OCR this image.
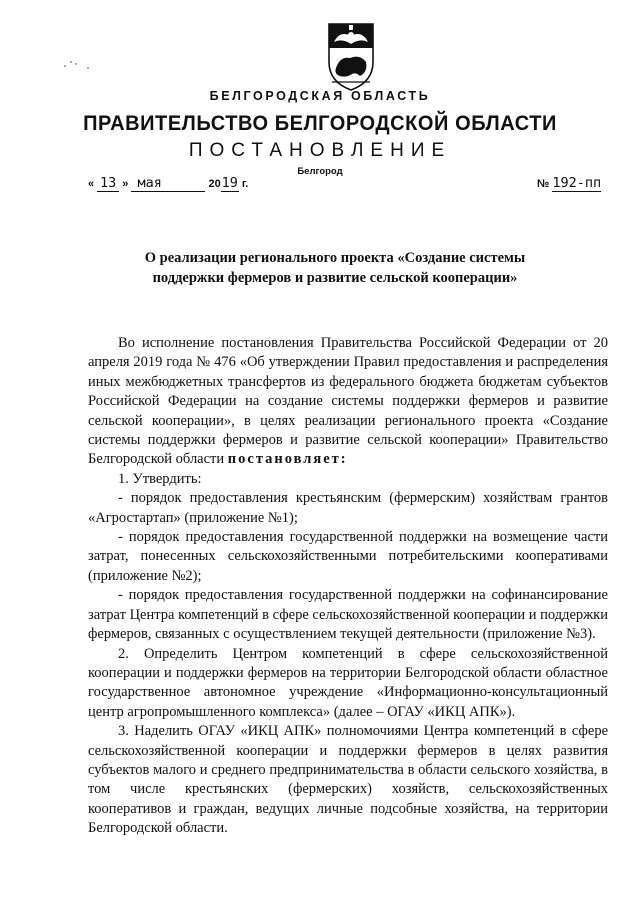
БЕЛГОРОДСКАЯ ОБЛАСТЬ
ПРАВИТЕЛЬСТВО БЕЛГОРОДСКОЙ ОБЛАСТИ
ПОСТАНОВЛЕНИЕ
Белгород
« 13 » мая	2019 г.	№ 192-пп
О реализации регионального проекта «Создание системы
поддержки фермеров и развитие сельской кооперации»

Во исполнение постановления Правительства Российской Федерации от 20 апреля 2019 года № 476 «Об утверждении Правил предоставления и распределения иных межбюджетных трансфертов из федерального бюджета бюджетам субъектов Российской Федерации на создание системы поддержки фермеров и развитие сельской кооперации», в целях реализации регионального проекта «Создание системы поддержки фермеров и развитие сельской кооперации» Правительство Белгородской области постановляет:

1. Утвердить:

- порядок предоставления крестьянским (фермерским) хозяйствам грантов «Агростартап» (приложение №1);

- порядок предоставления государственной поддержки на возмещение части затрат, понесенных сельскохозяйственными потребительскими кооперативами (приложение №2);

- порядок предоставления государственной поддержки на софинансирование затрат Центра компетенций в сфере сельскохозяйственной кооперации и поддержки фермеров, связанных с осуществлением текущей деятельности (приложение №3).

2. Определить Центром компетенций в сфере сельскохозяйственной кооперации и поддержки фермеров на территории Белгородской области областное государственное автономное учреждение «Информационно-консультационный центр агропромышленного комплекса» (далее – ОГАУ «ИКЦ АПК»).

3. Наделить ОГАУ «ИКЦ АПК» полномочиями Центра компетенций в сфере сельскохозяйственной кооперации и поддержки фермеров в целях развития субъектов малого и среднего предпринимательства в области сельского хозяйства, в том числе крестьянских (фермерских) хозяйств, сельскохозяйственных кооперативов и граждан, ведущих личные подсобные хозяйства, на территории Белгородской области.
